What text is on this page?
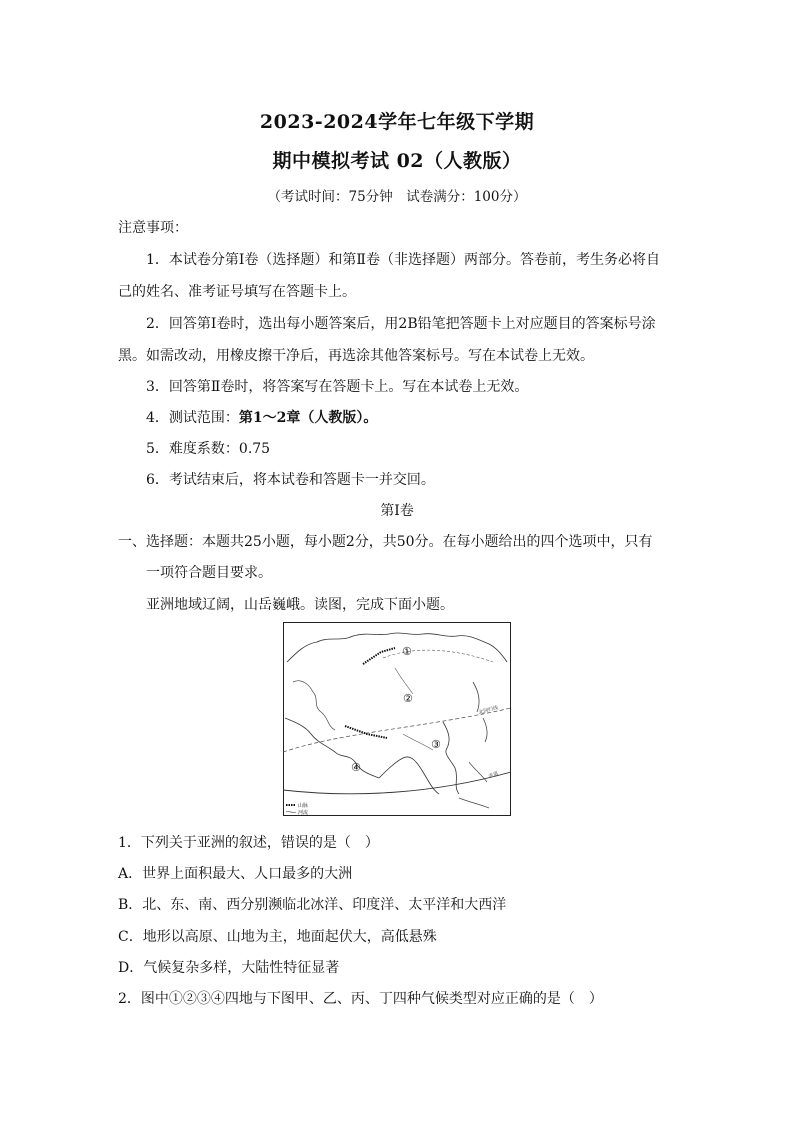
2023-2024学年七年级下学期
期中模拟考试 02（人教版）
（考试时间：75分钟　试卷满分：100分）
注意事项：
1．本试卷分第Ⅰ卷（选择题）和第Ⅱ卷（非选择题）两部分。答卷前，考生务必将自
己的姓名、准考证号填写在答题卡上。
2．回答第Ⅰ卷时，选出每小题答案后，用2B铅笔把答题卡上对应题目的答案标号涂
黑。如需改动，用橡皮擦干净后，再选涂其他答案标号。写在本试卷上无效。
3．回答第Ⅱ卷时，将答案写在答题卡上。写在本试卷上无效。
4．测试范围：第1～2章（人教版）。
5．难度系数：0.75
6．考试结束后，将本试卷和答题卡一并交回。
第Ⅰ卷
一、选择题：本题共25小题，每小题2分，共50分。在每小题给出的四个选项中，只有
一项符合题目要求。
亚洲地域辽阔，山岳巍峨。读图，完成下面小题。
①
②
③
④
北回归线
赤道
山脉
河流
1．下列关于亚洲的叙述，错误的是（　）
A．世界上面积最大、人口最多的大洲
B．北、东、南、西分别濒临北冰洋、印度洋、太平洋和大西洋
C．地形以高原、山地为主，地面起伏大，高低悬殊
D．气候复杂多样，大陆性特征显著
2．图中①②③④四地与下图甲、乙、丙、丁四种气候类型对应正确的是（　）
